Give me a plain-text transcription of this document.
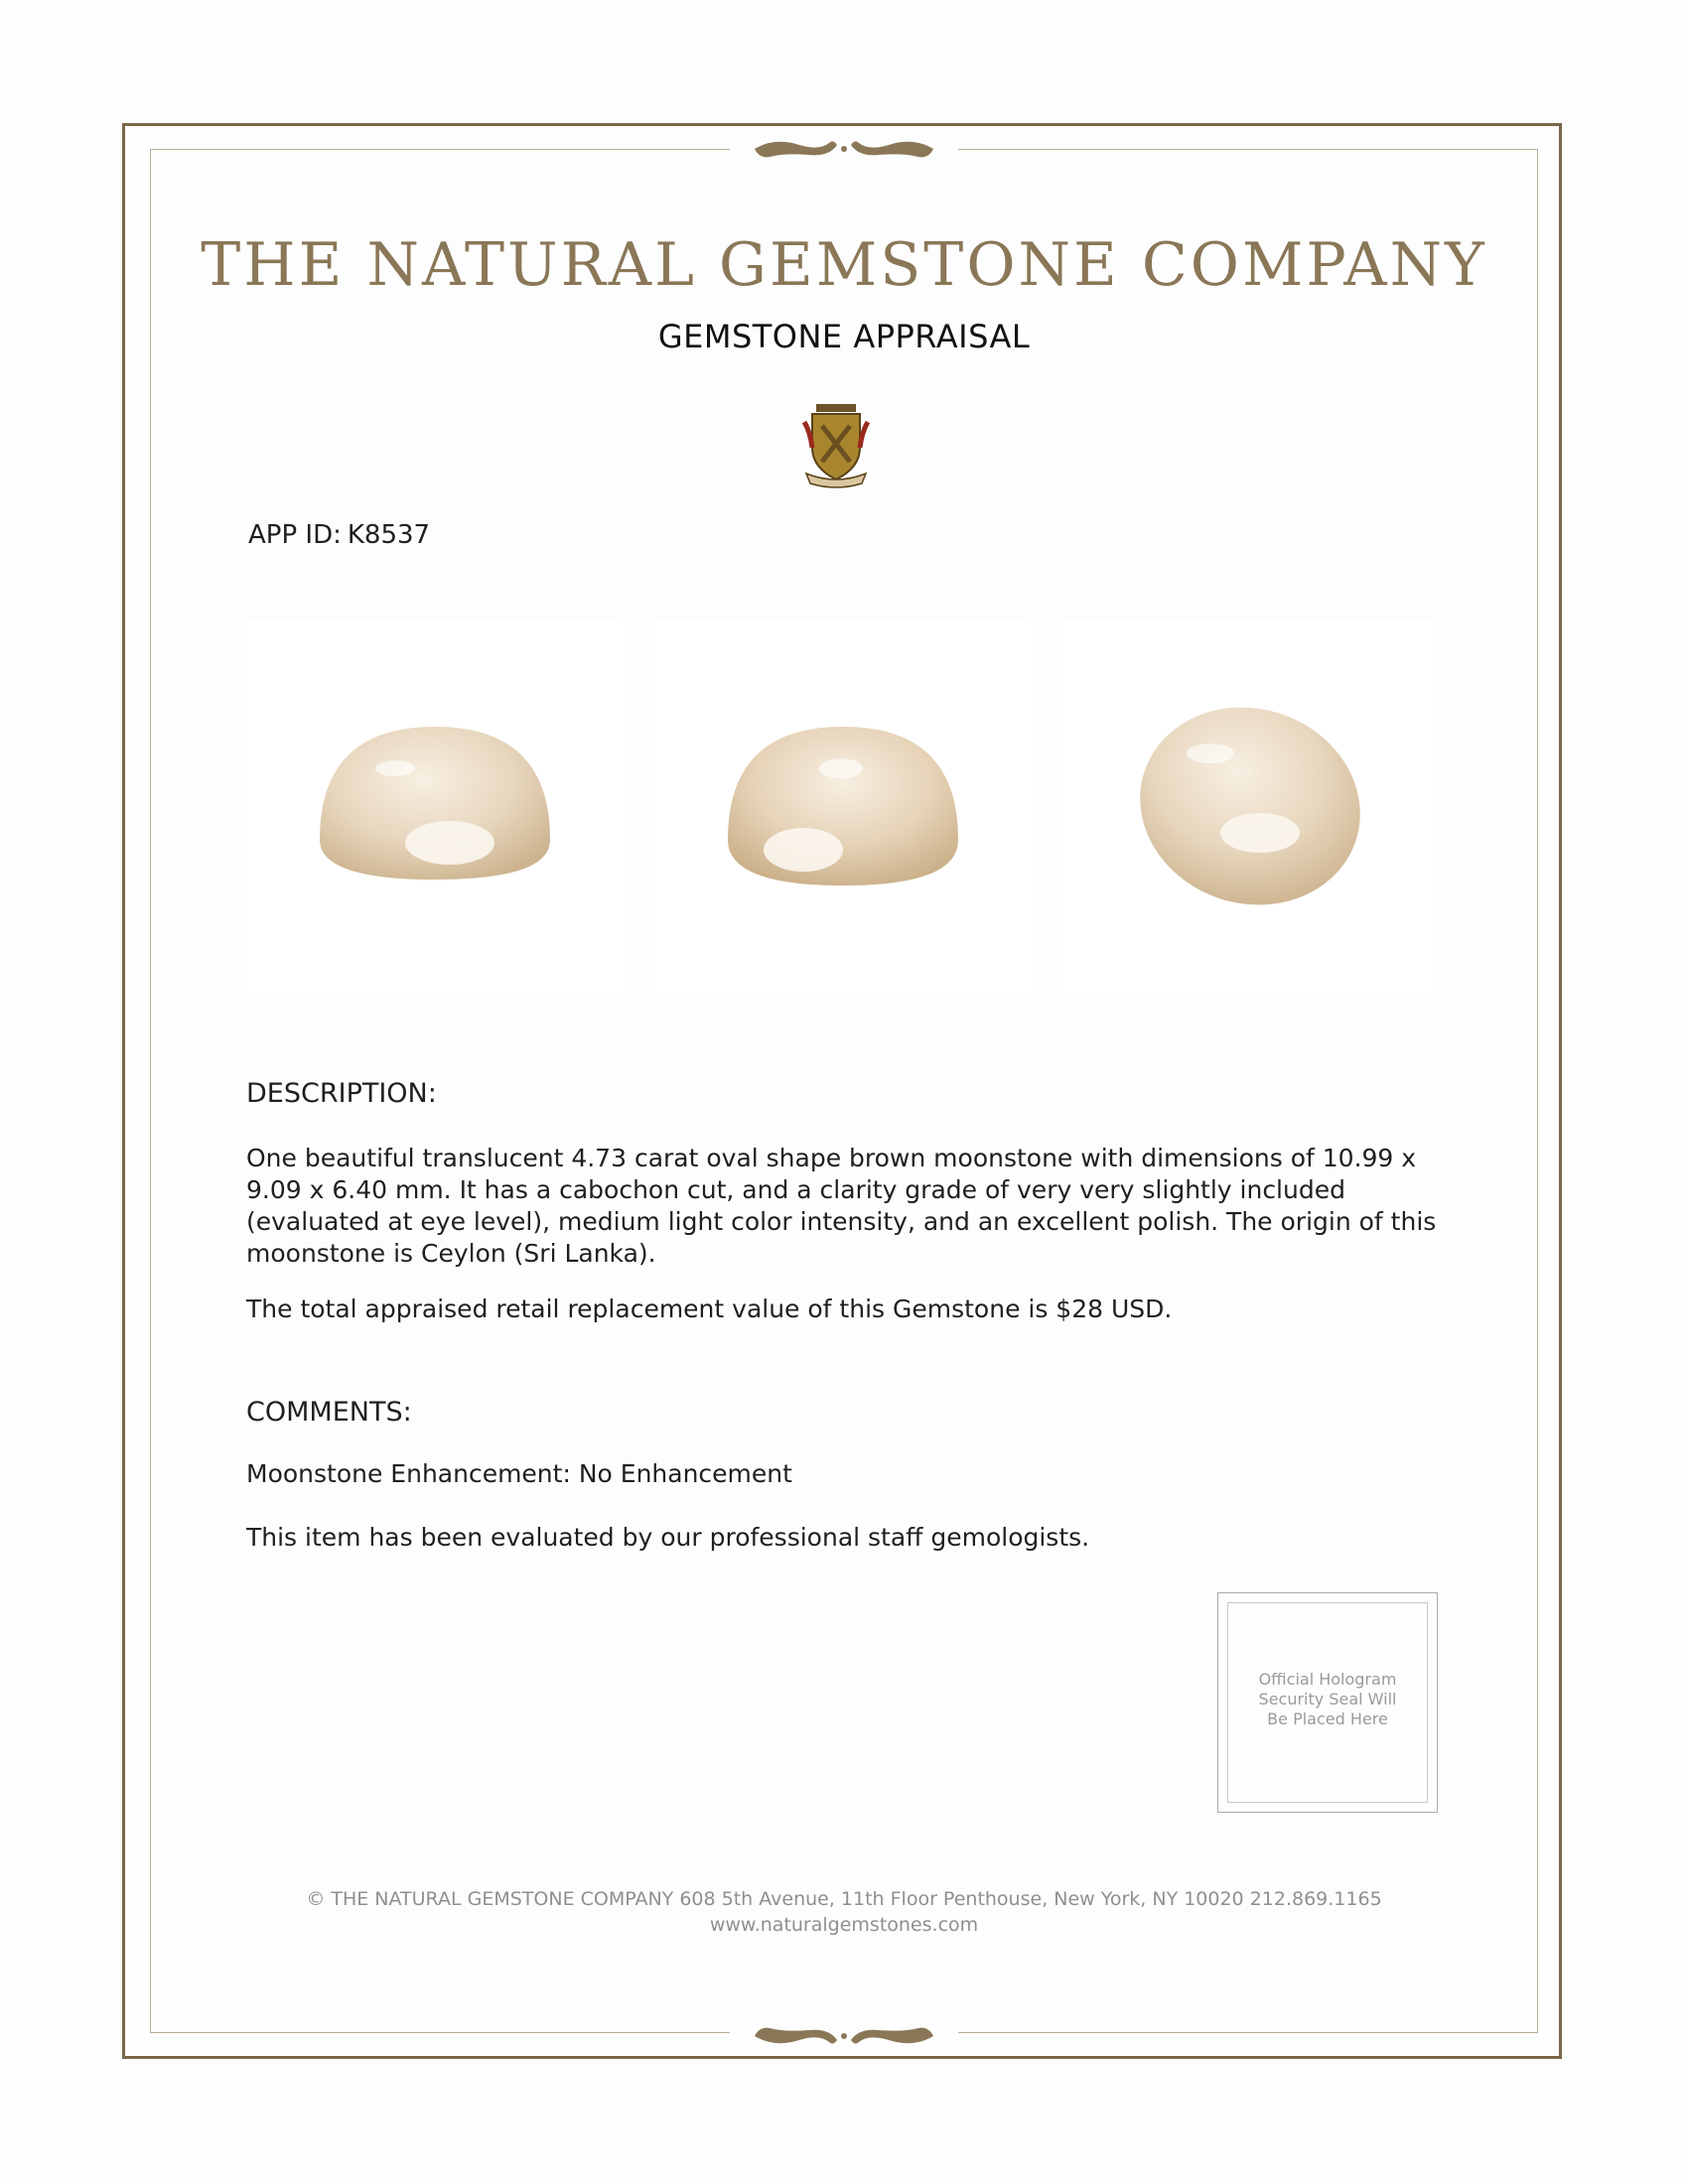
THE NATURAL GEMSTONE COMPANY
GEMSTONE APPRAISAL
APP ID: K8537
DESCRIPTION:
One beautiful translucent 4.73 carat oval shape brown moonstone with dimensions of 10.99 x 9.09 x 6.40 mm. It has a cabochon cut, and a clarity grade of very very slightly included (evaluated at eye level), medium light color intensity, and an excellent polish. The origin of this moonstone is Ceylon (Sri Lanka).
The total appraised retail replacement value of this Gemstone is $28 USD.
COMMENTS:
Moonstone Enhancement: No Enhancement
This item has been evaluated by our professional staff gemologists.
Official Hologram
Security Seal Will
Be Placed Here
© THE NATURAL GEMSTONE COMPANY 608 5th Avenue, 11th Floor Penthouse, New York, NY 10020 212.869.1165
www.naturalgemstones.com
